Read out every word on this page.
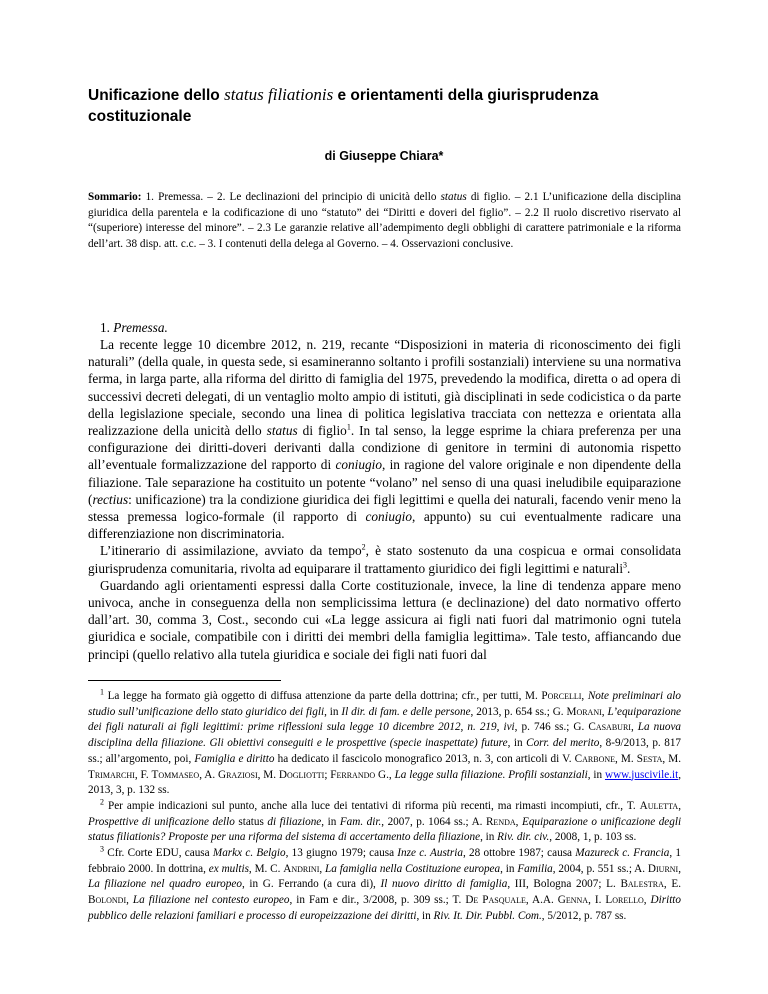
Unificazione dello status filiationis e orientamenti della giurisprudenza costituzionale

di Giuseppe Chiara*

Sommario: 1. Premessa. – 2. Le declinazioni del principio di unicità dello status di figlio. – 2.1 L’unificazione della disciplina giuridica della parentela e la codificazione di uno “statuto” dei “Diritti e doveri del figlio”. – 2.2 Il ruolo discretivo riservato al “(superiore) interesse del minore”. – 2.3 Le garanzie relative all’adempimento degli obblighi di carattere patrimoniale e la riforma dell’art. 38 disp. att. c.c. – 3. I contenuti della delega al Governo. – 4. Osservazioni conclusive.

1. Premessa.

La recente legge 10 dicembre 2012, n. 219, recante “Disposizioni in materia di riconoscimento dei figli naturali” (della quale, in questa sede, si esamineranno soltanto i profili sostanziali) interviene su una normativa ferma, in larga parte, alla riforma del diritto di famiglia del 1975, prevedendo la modifica, diretta o ad opera di successivi decreti delegati, di un ventaglio molto ampio di istituti, già disciplinati in sede codicistica o da parte della legislazione speciale, secondo una linea di politica legislativa tracciata con nettezza e orientata alla realizzazione della unicità dello status di figlio$^1$. In tal senso, la legge esprime la chiara preferenza per una configurazione dei diritti-doveri derivanti dalla condizione di genitore in termini di autonomia rispetto all’eventuale formalizzazione del rapporto di coniugio, in ragione del valore originale e non dipendente della filiazione. Tale separazione ha costituito un potente “volano” nel senso di una quasi ineludibile equiparazione (rectius: unificazione) tra la condizione giuridica dei figli legittimi e quella dei naturali, facendo venir meno la stessa premessa logico-formale (il rapporto di coniugio, appunto) su cui eventualmente radicare una differenziazione non discriminatoria.

L’itinerario di assimilazione, avviato da tempo$^2$, è stato sostenuto da una cospicua e ormai consolidata giurisprudenza comunitaria, rivolta ad equiparare il trattamento giuridico dei figli legittimi e naturali$^3$.

Guardando agli orientamenti espressi dalla Corte costituzionale, invece, la line di tendenza appare meno univoca, anche in conseguenza della non semplicissima lettura (e declinazione) del dato normativo offerto dall’art. 30, comma 3, Cost., secondo cui «La legge assicura ai figli nati fuori dal matrimonio ogni tutela giuridica e sociale, compatibile con i diritti dei membri della famiglia legittima». Tale testo, affiancando due principi (quello relativo alla tutela giuridica e sociale dei figli nati fuori dal

$^1$ La legge ha formato già oggetto di diffusa attenzione da parte della dottrina; cfr., per tutti, M. Porcelli, Note preliminari alo studio sull’unificazione dello stato giuridico dei figli, in Il dir. di fam. e delle persone, 2013, p. 654 ss.; G. Morani, L’equiparazione dei figli naturali ai figli legittimi: prime riflessioni sula legge 10 dicembre 2012, n. 219, ivi, p. 746 ss.; G. Casaburi, La nuova disciplina della filiazione. Gli obiettivi conseguiti e le prospettive (specie inaspettate) future, in Corr. del merito, 8-9/2013, p. 817 ss.; all’argomento, poi, Famiglia e diritto ha dedicato il fascicolo monografico 2013, n. 3, con articoli di V. Carbone, M. Sesta, M. Trimarchi, F. Tommaseo, A. Graziosi, M. Dogliotti; Ferrando G., La legge sulla filiazione. Profili sostanziali, in www.juscivile.it, 2013, 3, p. 132 ss.

$^2$ Per ampie indicazioni sul punto, anche alla luce dei tentativi di riforma più recenti, ma rimasti incompiuti, cfr., T. Auletta, Prospettive di unificazione dello status di filiazione, in Fam. dir., 2007, p. 1064 ss.; A. Renda, Equiparazione o unificazione degli status filiationis? Proposte per una riforma del sistema di accertamento della filiazione, in Riv. dir. civ., 2008, 1, p. 103 ss.

$^3$ Cfr. Corte EDU, causa Markx c. Belgio, 13 giugno 1979; causa Inze c. Austria, 28 ottobre 1987; causa Mazureck c. Francia, 1 febbraio 2000. In dottrina, ex multis, M. C. Andrini, La famiglia nella Costituzione europea, in Familia, 2004, p. 551 ss.; A. Diurni, La filiazione nel quadro europeo, in G. Ferrando (a cura di), Il nuovo diritto di famiglia, III, Bologna 2007; L. Balestra, E. Bolondi, La filiazione nel contesto europeo, in Fam e dir., 3/2008, p. 309 ss.; T. De Pasquale, A.A. Genna, I. Lorello, Diritto pubblico delle relazioni familiari e processo di europeizzazione dei diritti, in Riv. It. Dir. Pubbl. Com., 5/2012, p. 787 ss.
